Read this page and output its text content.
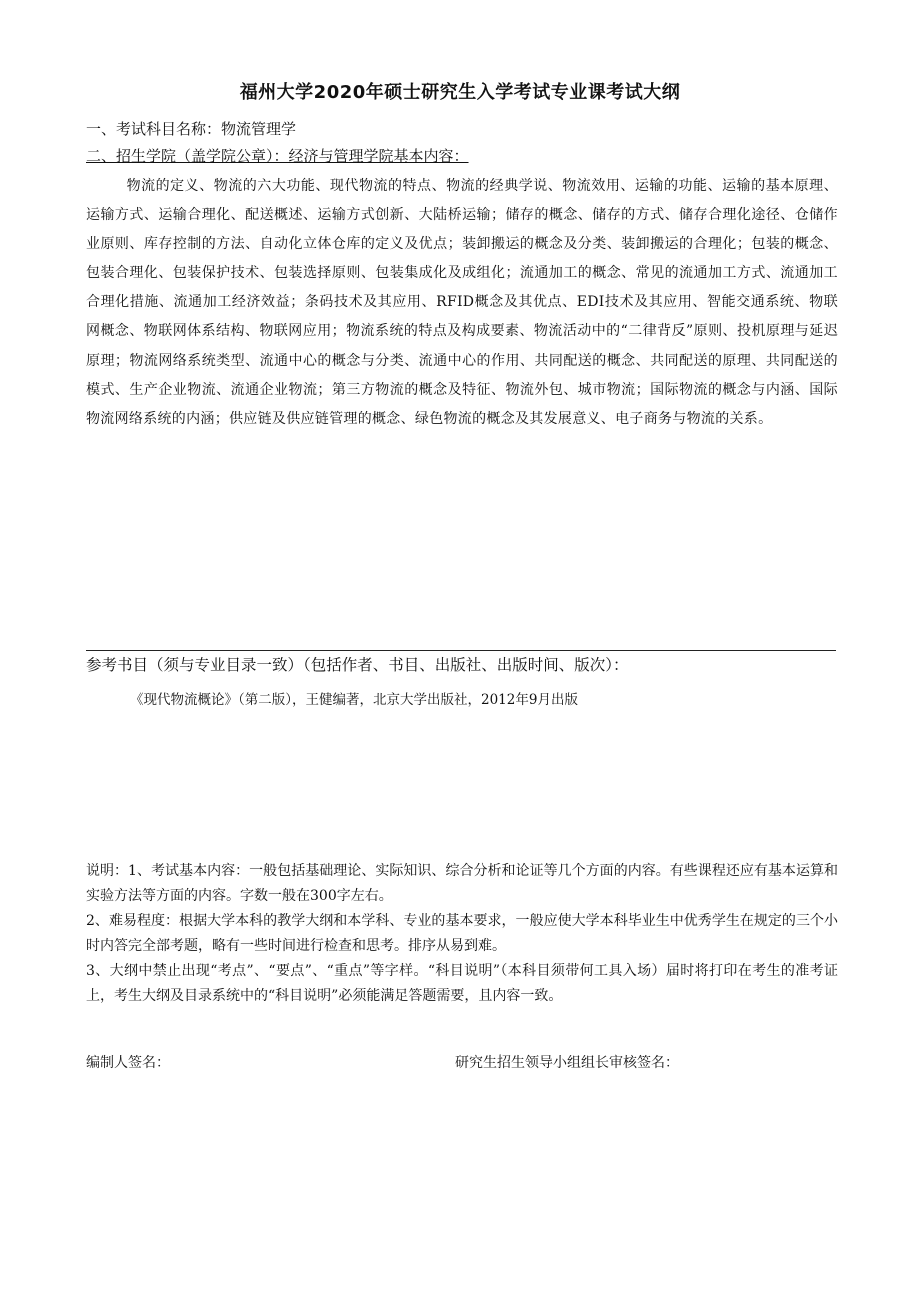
福州大学2020年硕士研究生入学考试专业课考试大纲
一、考试科目名称：物流管理学
二、招生学院（盖学院公章）：经济与管理学院基本内容：
物流的定义、物流的六大功能、现代物流的特点、物流的经典学说、物流效用、运输的功能、运输的基本原理、运输方式、运输合理化、配送概述、运输方式创新、大陆桥运输；储存的概念、储存的方式、储存合理化途径、仓储作业原则、库存控制的方法、自动化立体仓库的定义及优点；装卸搬运的概念及分类、装卸搬运的合理化；包装的概念、包装合理化、包装保护技术、包装选择原则、包装集成化及成组化；流通加工的概念、常见的流通加工方式、流通加工合理化措施、流通加工经济效益；条码技术及其应用、RFID概念及其优点、EDI技术及其应用、智能交通系统、物联网概念、物联网体系结构、物联网应用；物流系统的特点及构成要素、物流活动中的“二律背反”原则、投机原理与延迟原理；物流网络系统类型、流通中心的概念与分类、流通中心的作用、共同配送的概念、共同配送的原理、共同配送的模式、生产企业物流、流通企业物流；第三方物流的概念及特征、物流外包、城市物流；国际物流的概念与内涵、国际物流网络系统的内涵；供应链及供应链管理的概念、绿色物流的概念及其发展意义、电子商务与物流的关系。
参考书目（须与专业目录一致）（包括作者、书目、出版社、出版时间、版次）：
《现代物流概论》（第二版），王健编著，北京大学出版社，2012年9月出版

说明：1、考试基本内容：一般包括基础理论、实际知识、综合分析和论证等几个方面的内容。有些课程还应有基本运算和实验方法等方面的内容。字数一般在300字左右。

2、难易程度：根据大学本科的教学大纲和本学科、专业的基本要求，一般应使大学本科毕业生中优秀学生在规定的三个小时内答完全部考题，略有一些时间进行检查和思考。排序从易到难。

3、大纲中禁止出现“考点”、“要点”、“重点”等字样。“科目说明”（本科目须带何工具入场）届时将打印在考生的准考证上，考生大纲及目录系统中的“科目说明”必须能满足答题需要，且内容一致。

编制人签名：	研究生招生领导小组组长审核签名：
